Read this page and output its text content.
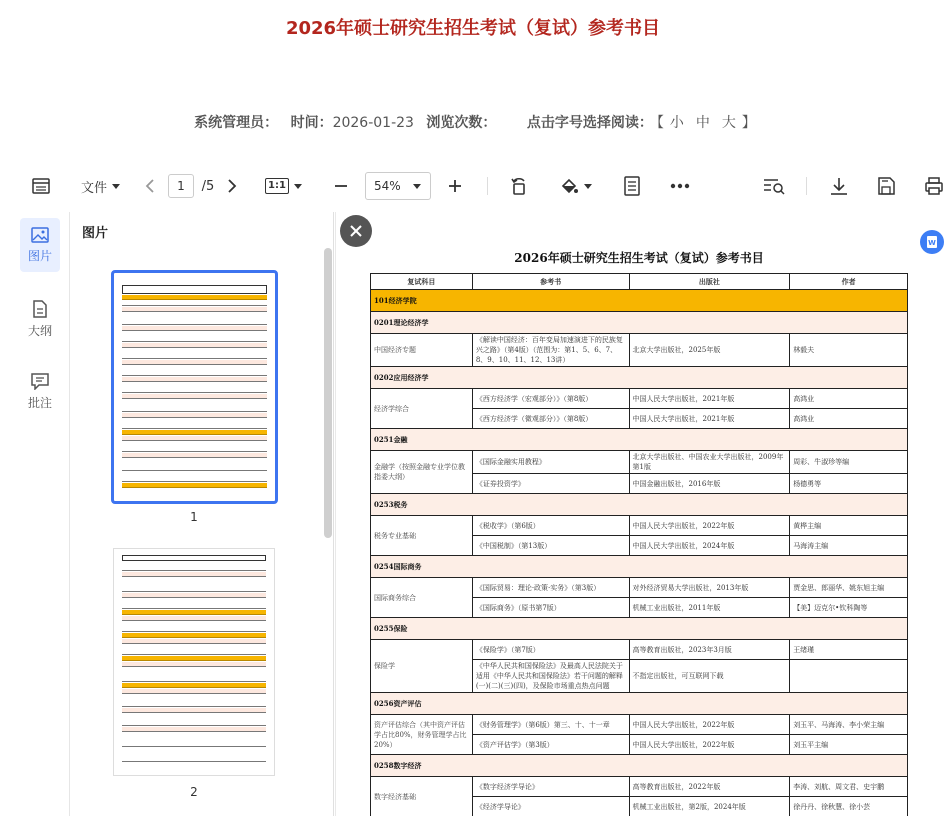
2026年硕士研究生招生考试（复试）参考书目
系统管理员： 时间：2026-01-23 浏览次数： 点击字号选择阅读： 【 小 中 大 】
文件	1	/5	1:1	54%
图片
大纲
批注
图片
1
2
2026年硕士研究生招生考试（复试）参考书目
复试科目	参考书	出版社	作者
101经济学院			
0201理论经济学			
中国经济专题	《解读中国经济：百年变局加速演进下的民族复兴之路》（第4版）（范围为：第1、5、6、7、8、9、10、11、12、13讲）	北京大学出版社，2025年版	林毅夫
0202应用经济学			
经济学综合	《西方经济学（宏观部分）》（第8版）	中国人民大学出版社，2021年版	高鸿业
	《西方经济学（微观部分）》（第8版）	中国人民大学出版社，2021年版	高鸿业
0251金融			
金融学（按照金融专业学位教指委大纲）	《国际金融实用教程》	北京大学出版社、中国农业大学出版社，2009年第1版	周彩、牛淑珍等编
	《证券投资学》	中国金融出版社，2016年版	杨德勇等
0253税务			
税务专业基础	《税收学》（第6版）	中国人民大学出版社，2022年版	黄桦主编
	《中国税制》（第13版）	中国人民大学出版社，2024年版	马海涛主编
0254国际商务			
国际商务综合	《国际贸易：理论·政策·实务》（第3版）	对外经济贸易大学出版社，2013年版	贾金思、郎丽华、姚东旭主编
	《国际商务》（原书第7版）	机械工业出版社，2011年版	【美】迈克尔•钦科陶等
0255保险			
保险学	《保险学》（第7版）	高等教育出版社，2023年3月版	王绪瑾
	《中华人民共和国保险法》及最高人民法院关于适用《中华人民共和国保险法》若干问题的解释(一)(二)(三)(四)，及保险市场重点热点问题	不指定出版社，可互联网下载	
0256资产评估			
资产评估综合（其中资产评估学占比80%，财务管理学占比20%）	《财务管理学》（第6版）第三、十、十一章	中国人民大学出版社，2022年版	刘玉平、马海涛、李小荣主编
	《资产评估学》（第3版）	中国人民大学出版社，2022年版	刘玉平主编
0258数字经济			
数字经济基础	《数字经济学导论》	高等教育出版社，2022年版	李涛、刘航、周文君、史宇鹏
	《经济学导论》	机械工业出版社，第2版，2024年版	徐丹丹、徐秋慧、徐小芸

W
